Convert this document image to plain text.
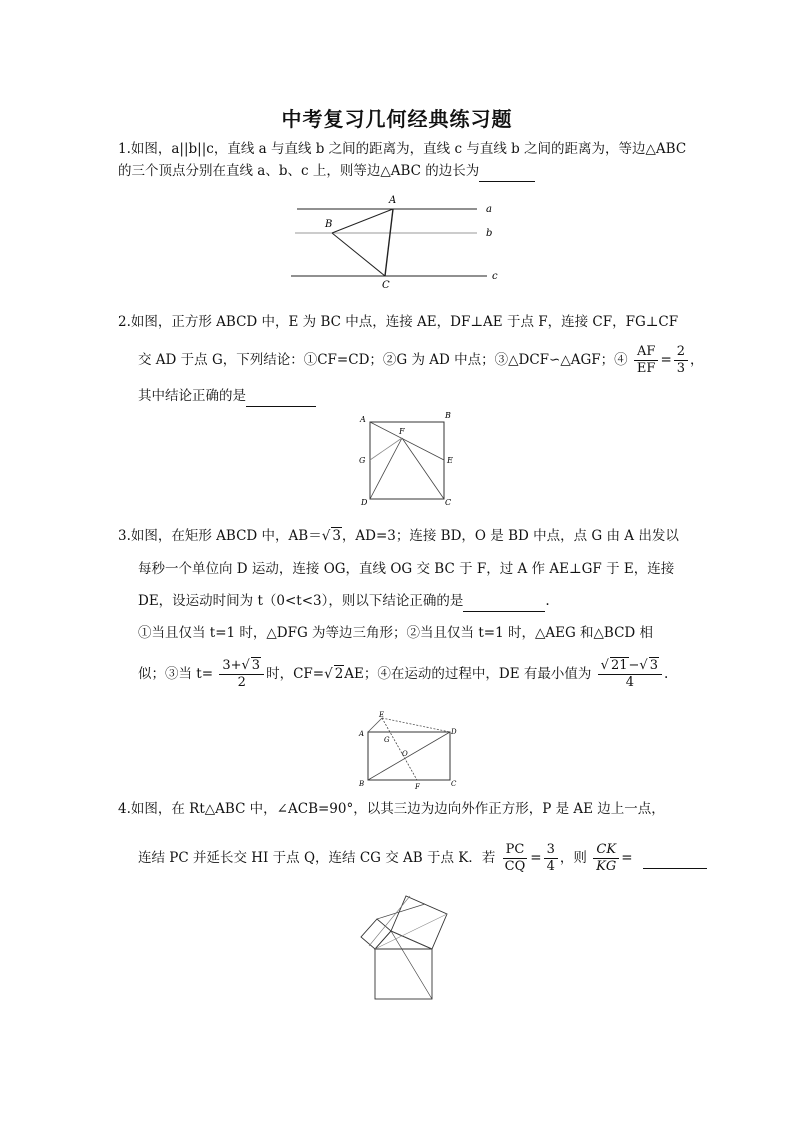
中考复习几何经典练习题
1.如图，a||b||c，直线 a 与直线 b 之间的距离为，直线 c 与直线 b 之间的距离为，等边△ABC
的三个顶点分别在直线 a、b、c 上，则等边△ABC 的边长为
A
B
C
a
b
c
2.如图，正方形 ABCD 中，E 为 BC 中点，连接 AE，DF⊥AE 于点 F，连接 CF，FG⊥CF
交 AD 于点 G，下列结论：①CF=CD；②G 为 AD 中点；③△DCF∽△AGF；④ $\frac{AF}{EF} = \frac{2}{3}$ ，
其中结论正确的是
A	B
C
D
E
F
G
3.如图，在矩形 ABCD 中，AB＝√ 3，AD=3；连接 BD，O 是 BD 中点，点 G 由 A 出发以
每秒一个单位向 D 运动，连接 OG，直线 OG 交 BC 于 F，过 A 作 AE⊥GF 于 E，连接
DE，设运动时间为 t（0<t<3），则以下结论正确的是	.
①当且仅当 t=1 时，△DFG 为等边三角形；②当且仅当 t=1 时，△AEG 和△BCD 相
似；③当 $t= \frac{3+√ 3}{2}$ 时，CF=√ 2AE；④在运动的过程中，DE 有最小值为 $\frac{√ 21-√ 3}{4}$ .
A
B	C
D
E
F
G
O
4.如图，在 Rt△ABC 中，∠ACB=90°，以其三边为边向外作正方形，P 是 AE 边上一点，
连结 PC 并延长交 HI 于点 Q，连结 CG 交 AB 于点 K．若 $\frac{PC}{CQ} = \frac{3}{4}$ ，则 $\frac{CK}{KG}$ =
